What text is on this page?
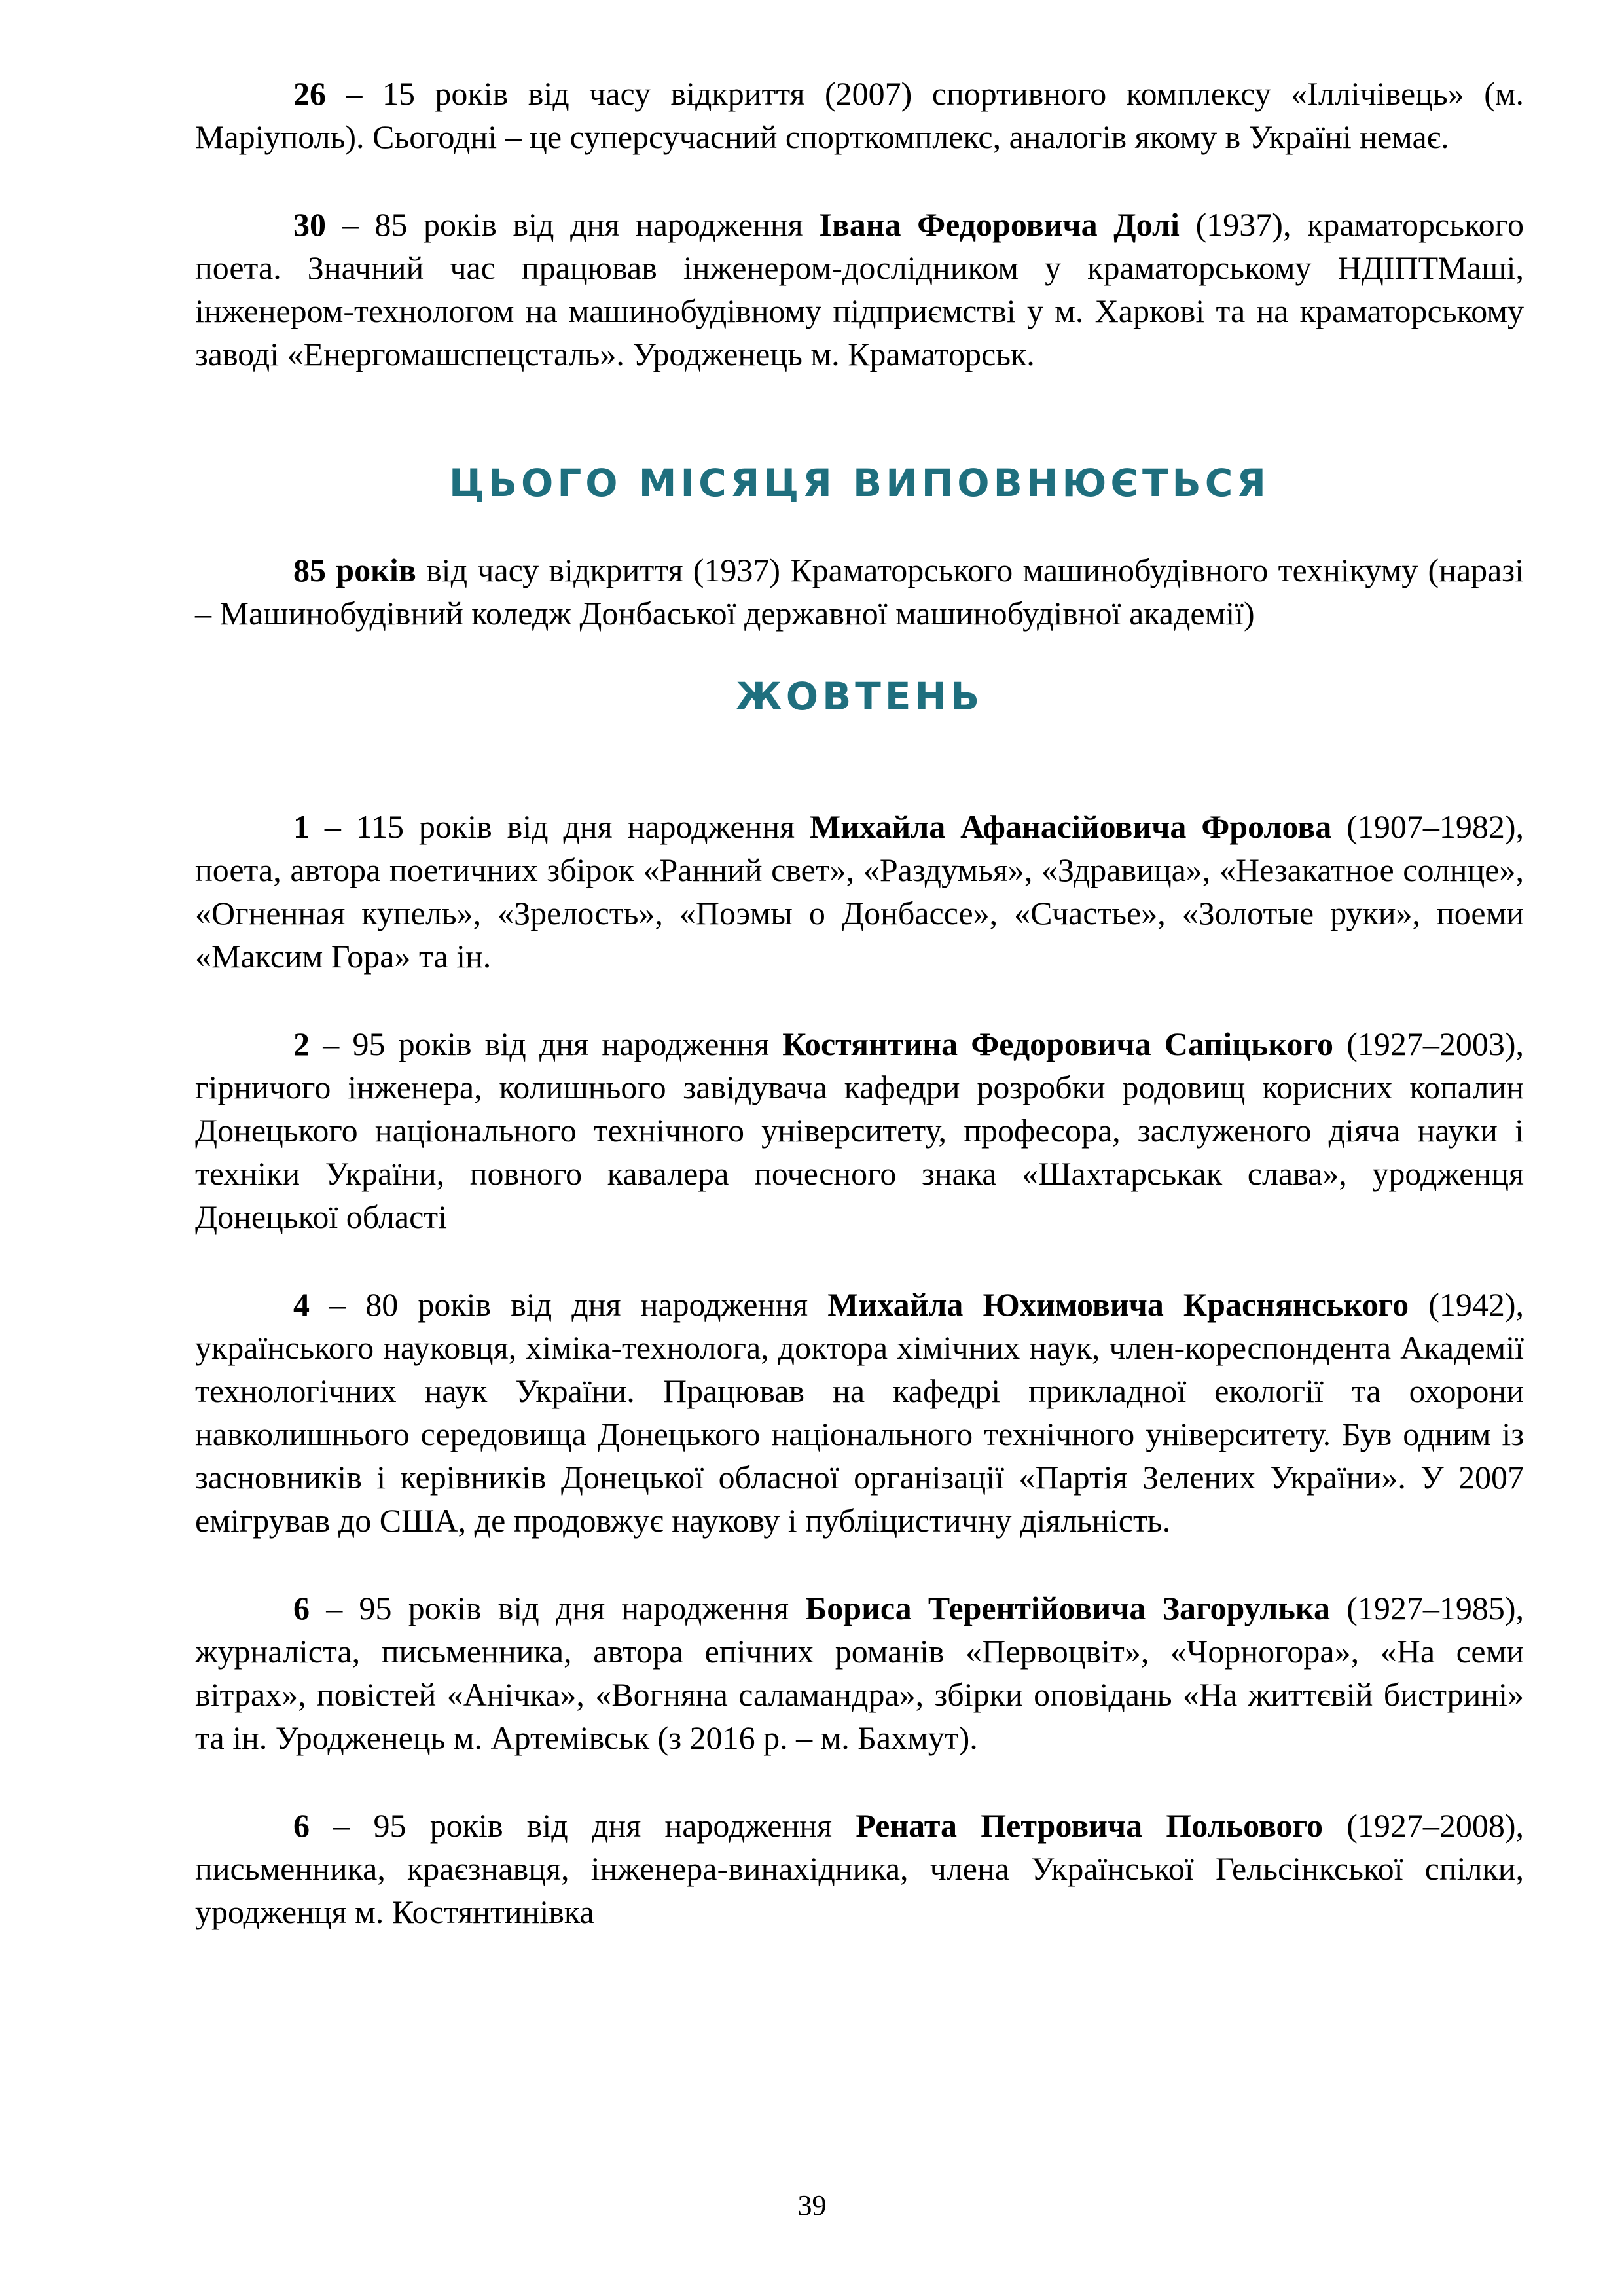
26 – 15 років від часу відкриття (2007) спортивного комплексу «Іллічівець» (м. Маріуполь). Сьогодні – це суперсучасний спорткомплекс, аналогів якому в Україні немає.

30 – 85 років від дня народження Івана Федоровича Долі (1937), краматорського поета. Значний час працював інженером-дослідником у краматорському НДІПТМаші, інженером-технологом на машинобудівному підприємстві у м. Харкові та на краматорському заводі «Енергомашспецсталь». Уродженець м. Краматорськ.

ЦЬОГО МІСЯЦЯ ВИПОВНЮЄТЬСЯ

85 років від часу відкриття (1937) Краматорського машинобудівного технікуму (наразі – Машинобудівний коледж Донбаської державної машинобудівної академії)

ЖОВТЕНЬ

1 – 115 років від дня народження Михайла Афанасійовича Фролова (1907–1982), поета, автора поетичних збірок «Ранний свет», «Раздумья», «Здравица», «Незакатное солнце», «Огненная купель», «Зрелость», «Поэмы о Донбассе», «Счастье», «Золотые руки», поеми «Максим Гора» та ін.

2 – 95 років від дня народження Костянтина Федоровича Сапіцького (1927–2003), гірничого інженера, колишнього завідувача кафедри розробки родовищ корисних копалин Донецького національного технічного університету, професора, заслуженого діяча науки і техніки України, повного кавалера почесного знака «Шахтарськак слава», уродженця Донецької області

4 – 80 років від дня народження Михайла Юхимовича Краснянського (1942), українського науковця, хіміка-технолога, доктора хімічних наук, член-кореспондента Академії технологічних наук України. Працював на кафедрі прикладної екології та охорони навколишнього середовища Донецького національного технічного університету. Був одним із засновників і керівників Донецької обласної організації «Партія Зелених України». У 2007 емігрував до США, де продовжує наукову і публіцистичну діяльність.

6 – 95 років від дня народження Бориса Терентійовича Загорулька (1927–1985), журналіста, письменника, автора епічних романів «Первоцвіт», «Чорногора», «На семи вітрах», повістей «Анічка», «Вогняна саламандра», збірки оповідань «На життєвій бистрині» та ін. Уродженець м. Артемівськ (з 2016 р. – м. Бахмут).

6 – 95 років від дня народження Рената Петровича Польового (1927–2008), письменника, краєзнавця, інженера-винахідника, члена Української Гельсінкської спілки, уродженця м. Костянтинівка

39
